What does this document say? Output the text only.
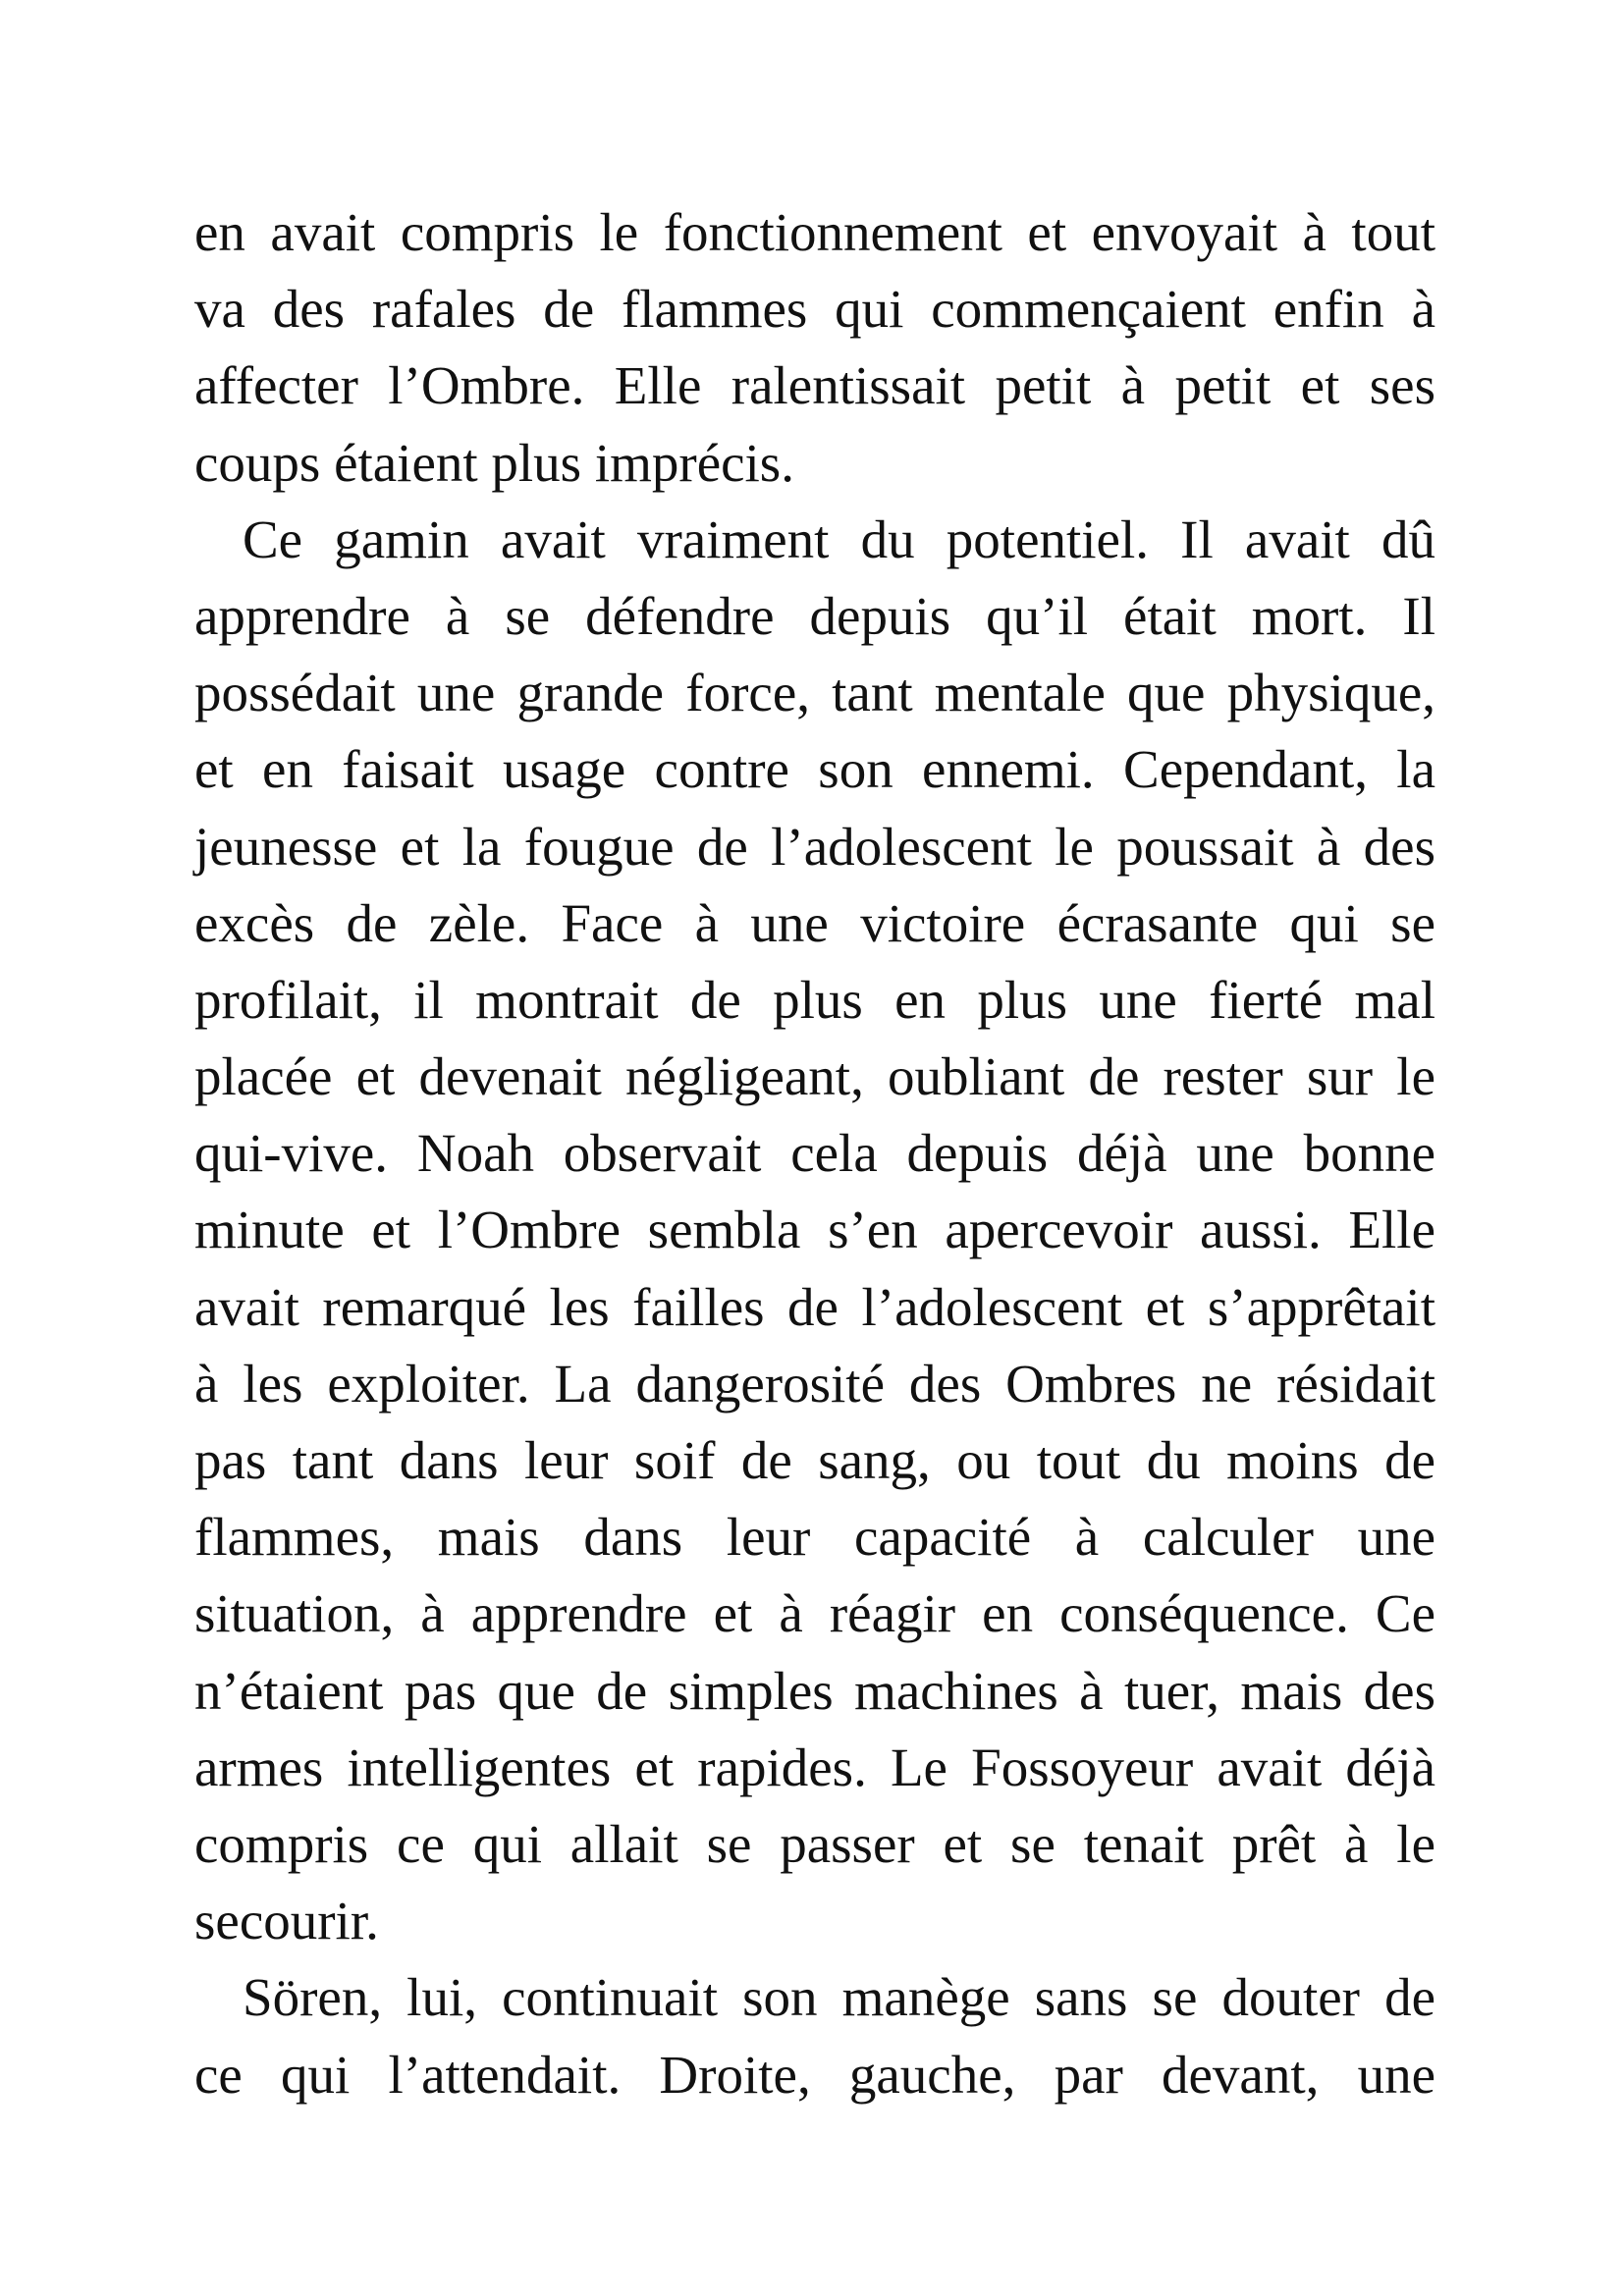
en avait compris le fonctionnement et envoyait à tout
va des rafales de flammes qui commençaient enfin à
affecter l’Ombre. Elle ralentissait petit à petit et ses
coups étaient plus imprécis.
Ce gamin avait vraiment du potentiel. Il avait dû
apprendre à se défendre depuis qu’il était mort. Il
possédait une grande force, tant mentale que physique,
et en faisait usage contre son ennemi. Cependant, la
jeunesse et la fougue de l’adolescent le poussait à des
excès de zèle. Face à une victoire écrasante qui se
profilait, il montrait de plus en plus une fierté mal
placée et devenait négligeant, oubliant de rester sur le
qui-vive. Noah observait cela depuis déjà une bonne
minute et l’Ombre sembla s’en apercevoir aussi. Elle
avait remarqué les failles de l’adolescent et s’apprêtait
à les exploiter. La dangerosité des Ombres ne résidait
pas tant dans leur soif de sang, ou tout du moins de
flammes, mais dans leur capacité à calculer une
situation, à apprendre et à réagir en conséquence. Ce
n’étaient pas que de simples machines à tuer, mais des
armes intelligentes et rapides. Le Fossoyeur avait déjà
compris ce qui allait se passer et se tenait prêt à le
secourir.
Sören, lui, continuait son manège sans se douter de
ce qui l’attendait. Droite, gauche, par devant, une
